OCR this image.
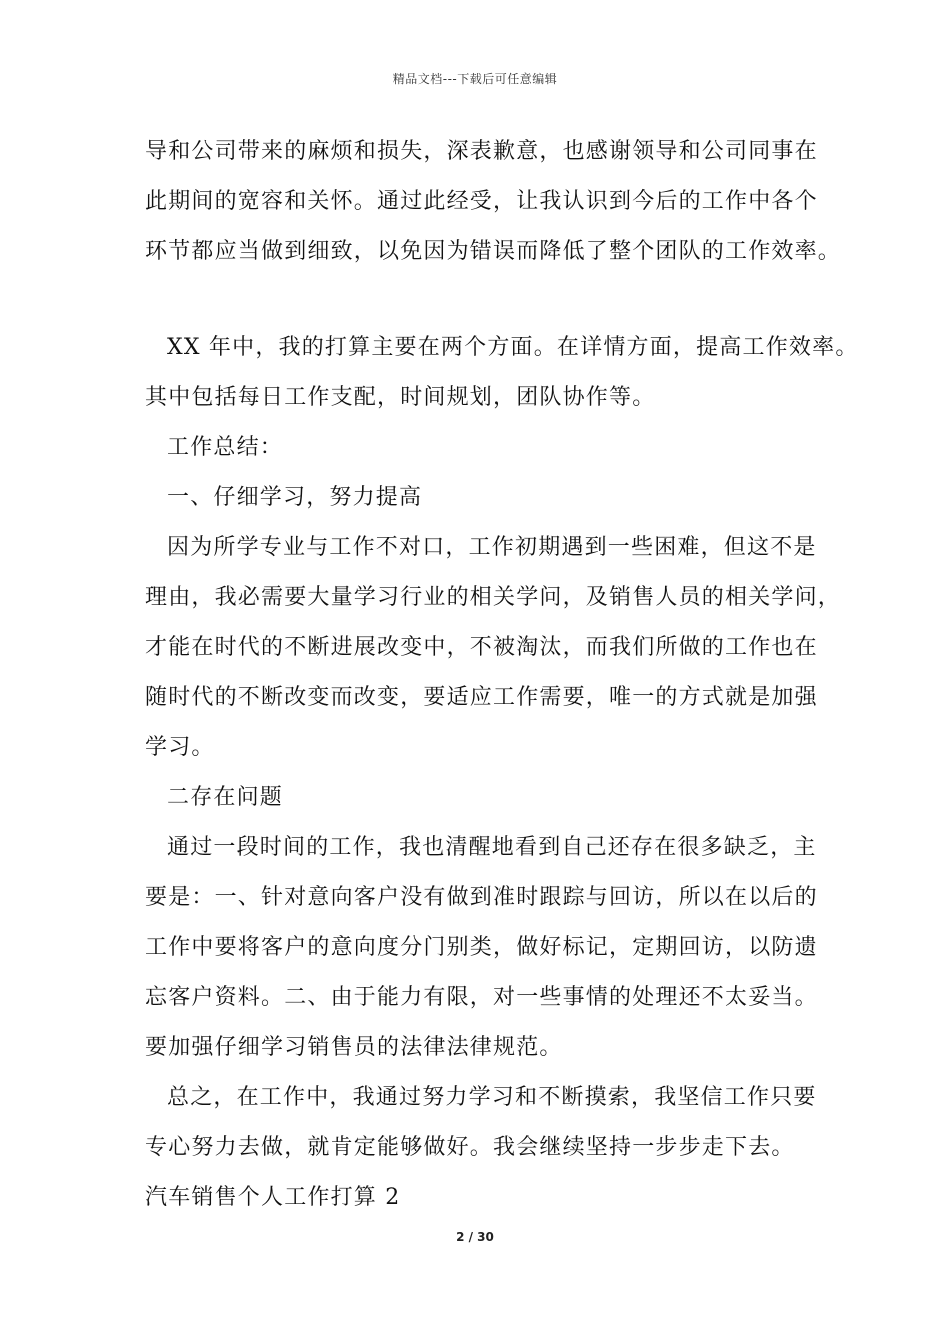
精品文档---下载后可任意编辑
导和公司带来的麻烦和损失，深表歉意，也感谢领导和公司同事在
此期间的宽容和关怀。通过此经受，让我认识到今后的工作中各个
环节都应当做到细致，以免因为错误而降低了整个团队的工作效率。
XX 年中，我的打算主要在两个方面。在详情方面，提高工作效率。
其中包括每日工作支配，时间规划，团队协作等。
工作总结：
一、仔细学习，努力提高
因为所学专业与工作不对口，工作初期遇到一些困难，但这不是
理由，我必需要大量学习行业的相关学问，及销售人员的相关学问，
才能在时代的不断进展改变中，不被淘汰，而我们所做的工作也在
随时代的不断改变而改变，要适应工作需要，唯一的方式就是加强
学习。
二存在问题
通过一段时间的工作，我也清醒地看到自己还存在很多缺乏，主
要是：一、针对意向客户没有做到准时跟踪与回访，所以在以后的
工作中要将客户的意向度分门别类，做好标记，定期回访，以防遗
忘客户资料。二、由于能力有限，对一些事情的处理还不太妥当。
要加强仔细学习销售员的法律法律规范。
总之，在工作中，我通过努力学习和不断摸索，我坚信工作只要
专心努力去做，就肯定能够做好。我会继续坚持一步步走下去。
汽车销售个人工作打算 2
2 / 30
